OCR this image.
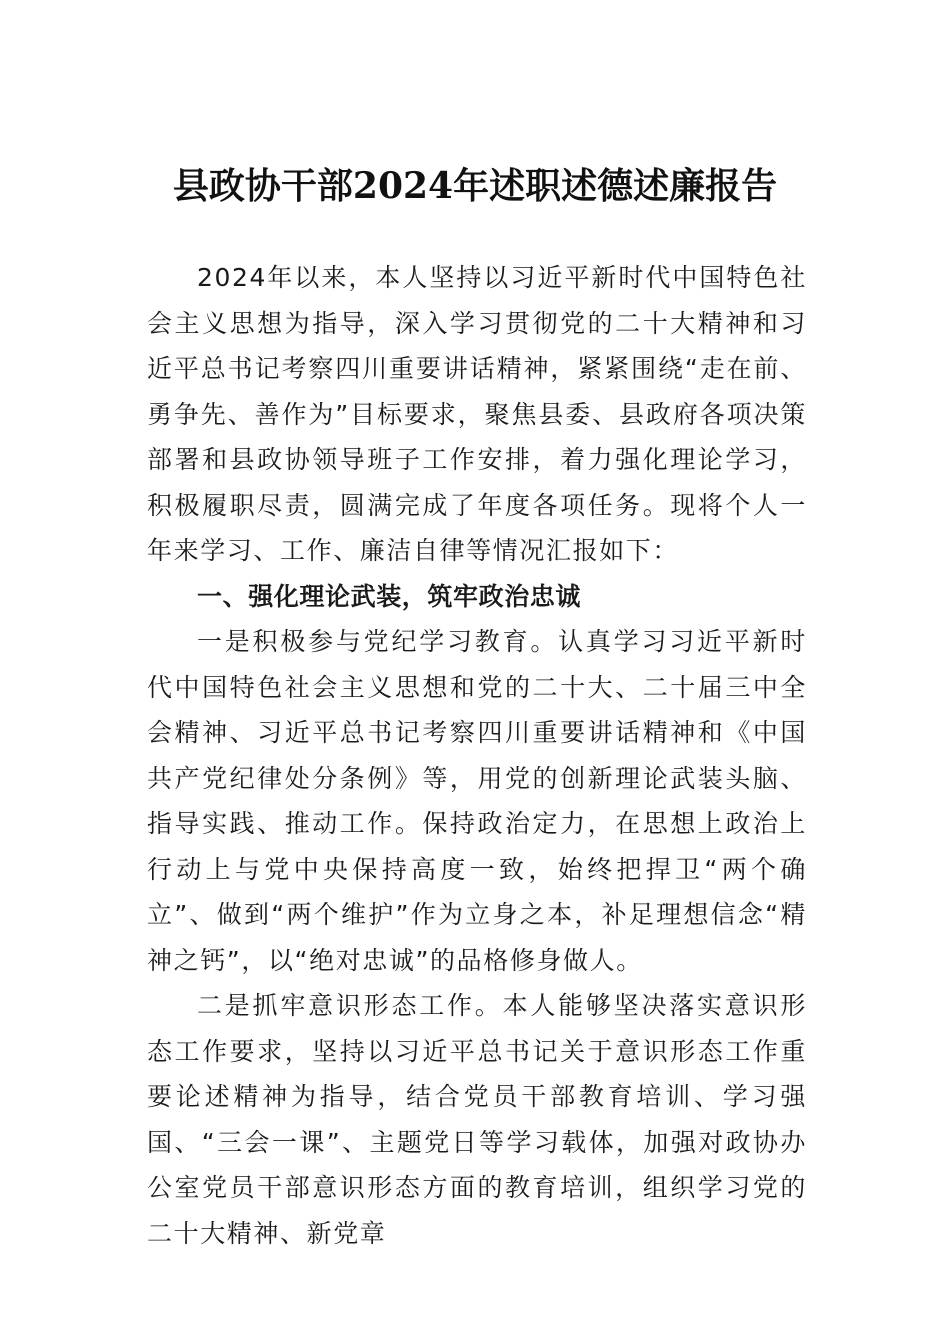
县政协干部2024年述职述德述廉报告

2024年以来，本人坚持以习近平新时代中国特色社会主义思想为指导，深入学习贯彻党的二十大精神和习近平总书记考察四川重要讲话精神，紧紧围绕“走在前、勇争先、善作为”目标要求，聚焦县委、县政府各项决策部署和县政协领导班子工作安排，着力强化理论学习，积极履职尽责，圆满完成了年度各项任务。现将个人一年来学习、工作、廉洁自律等情况汇报如下：

一、强化理论武装，筑牢政治忠诚

一是积极参与党纪学习教育。认真学习习近平新时代中国特色社会主义思想和党的二十大、二十届三中全会精神、习近平总书记考察四川重要讲话精神和《中国共产党纪律处分条例》等，用党的创新理论武装头脑、指导实践、推动工作。保持政治定力，在思想上政治上行动上与党中央保持高度一致，始终把捍卫“两个确立”、做到“两个维护”作为立身之本，补足理想信念“精神之钙”，以“绝对忠诚”的品格修身做人。

二是抓牢意识形态工作。本人能够坚决落实意识形态工作要求，坚持以习近平总书记关于意识形态工作重要论述精神为指导，结合党员干部教育培训、学习强国、“三会一课”、主题党日等学习载体，加强对政协办公室党员干部意识形态方面的教育培训，组织学习党的二十大精神、新党章
